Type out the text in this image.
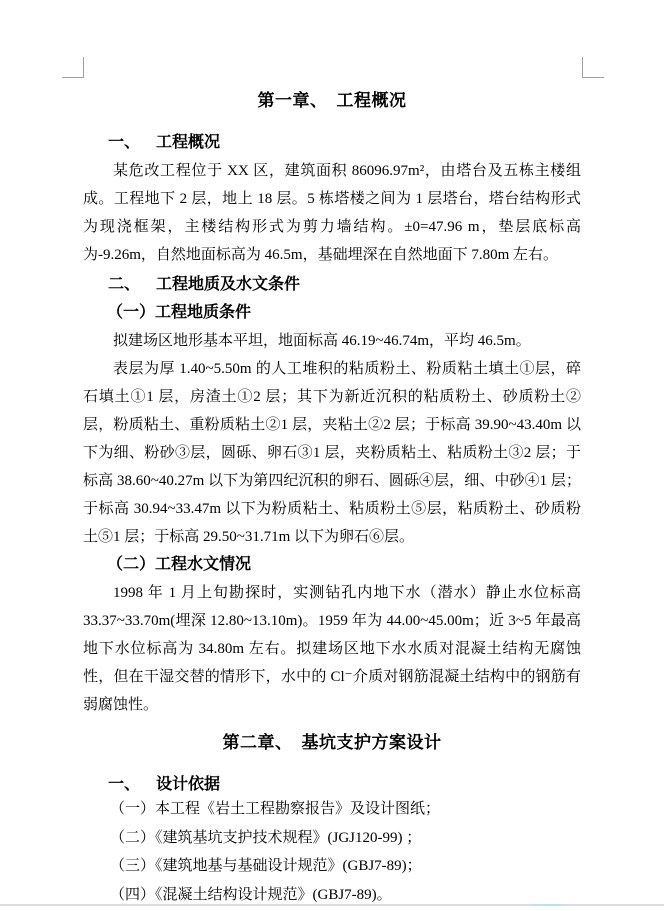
第一章、　工程概况
一、 工程概况

某危改工程位于 XX 区，建筑面积 86096.97m²，由塔台及五栋主楼组成。工程地下 2 层，地上 18 层。5 栋塔楼之间为 1 层塔台，塔台结构形式为现浇框架，主楼结构形式为剪力墙结构。±0=47.96 m，垫层底标高为-9.26m，自然地面标高为 46.5m，基础埋深在自然地面下 7.80m 左右。

二、 工程地质及水文条件
（一）工程地质条件

拟建场区地形基本平坦，地面标高 46.19~46.74m，平均 46.5m。

表层为厚 1.40~5.50m 的人工堆积的粘质粉土、粉质粘土填土①层，碎石填土①1 层，房渣土①2 层；其下为新近沉积的粘质粉土、砂质粉土②层，粉质粘土、重粉质粘土②1 层，夹粘土②2 层；于标高 39.90~43.40m 以下为细、粉砂③层，圆砾、卵石③1 层，夹粉质粘土、粘质粉土③2 层；于标高 38.60~40.27m 以下为第四纪沉积的卵石、圆砾④层，细、中砂④1 层；于标高 30.94~33.47m 以下为粉质粘土、粘质粉土⑤层，粘质粉土、砂质粉土⑤1 层；于标高 29.50~31.71m 以下为卵石⑥层。

（二）工程水文情况

1998 年 1 月上旬勘探时，实测钻孔内地下水（潜水）静止水位标高 33.37~33.70m(埋深 12.80~13.10m)。1959 年为 44.00~45.00m；近 3~5 年最高地下水位标高为 34.80m 左右。拟建场区地下水水质对混凝土结构无腐蚀性，但在干湿交替的情形下，水中的 Cl⁻介质对钢筋混凝土结构中的钢筋有弱腐蚀性。

第二章、　基坑支护方案设计
一、 设计依据

（一）本工程《岩土工程勘察报告》及设计图纸；

（二）《建筑基坑支护技术规程》(JGJ120-99) ；

（三）《建筑地基与基础设计规范》(GBJ7-89)；

（四）《混凝土结构设计规范》(GBJ7-89)。
